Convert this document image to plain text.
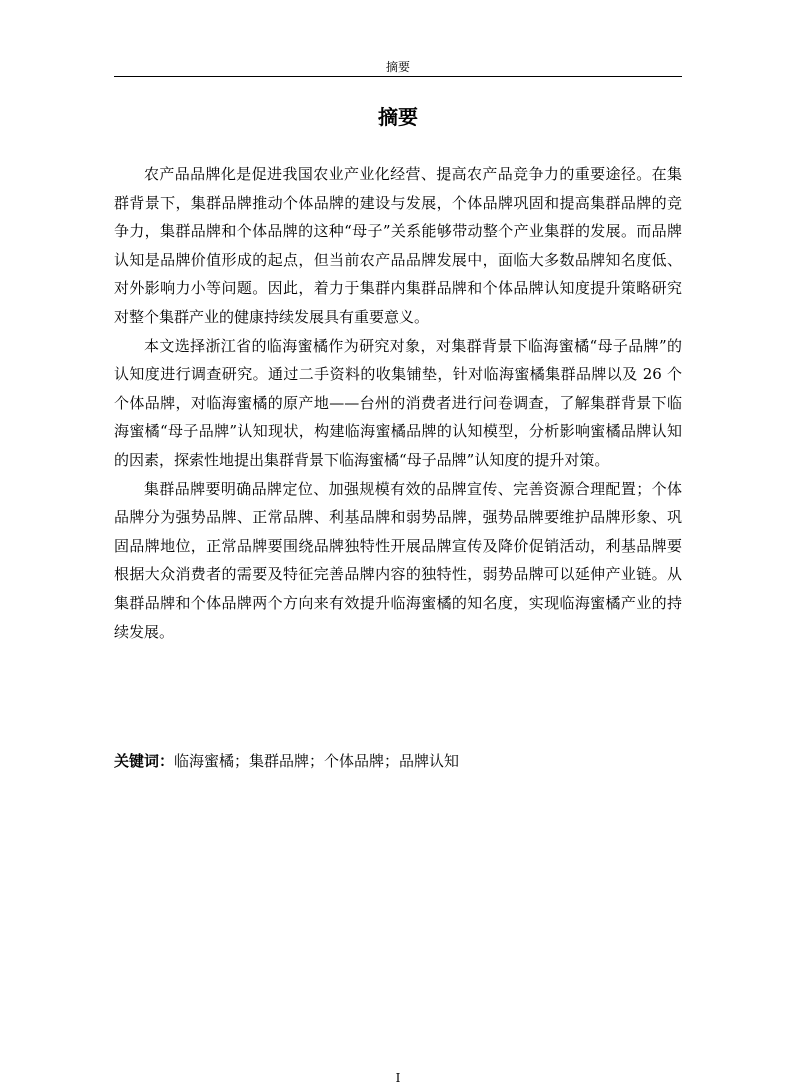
摘要
摘要

农产品品牌化是促进我国农业产业化经营、提高农产品竞争力的重要途径。在集群背景下，集群品牌推动个体品牌的建设与发展，个体品牌巩固和提高集群品牌的竞争力，集群品牌和个体品牌的这种“母子”关系能够带动整个产业集群的发展。而品牌认知是品牌价值形成的起点，但当前农产品品牌发展中，面临大多数品牌知名度低、对外影响力小等问题。因此，着力于集群内集群品牌和个体品牌认知度提升策略研究对整个集群产业的健康持续发展具有重要意义。

本文选择浙江省的临海蜜橘作为研究对象，对集群背景下临海蜜橘“母子品牌”的认知度进行调查研究。通过二手资料的收集铺垫，针对临海蜜橘集群品牌以及 26 个个体品牌，对临海蜜橘的原产地——台州的消费者进行问卷调查，了解集群背景下临海蜜橘“母子品牌”认知现状，构建临海蜜橘品牌的认知模型，分析影响蜜橘品牌认知的因素，探索性地提出集群背景下临海蜜橘“母子品牌”认知度的提升对策。

集群品牌要明确品牌定位、加强规模有效的品牌宣传、完善资源合理配置；个体品牌分为强势品牌、正常品牌、利基品牌和弱势品牌，强势品牌要维护品牌形象、巩固品牌地位，正常品牌要围绕品牌独特性开展品牌宣传及降价促销活动，利基品牌要根据大众消费者的需要及特征完善品牌内容的独特性，弱势品牌可以延伸产业链。从集群品牌和个体品牌两个方向来有效提升临海蜜橘的知名度，实现临海蜜橘产业的持续发展。

关键词：临海蜜橘；集群品牌；个体品牌；品牌认知
I
